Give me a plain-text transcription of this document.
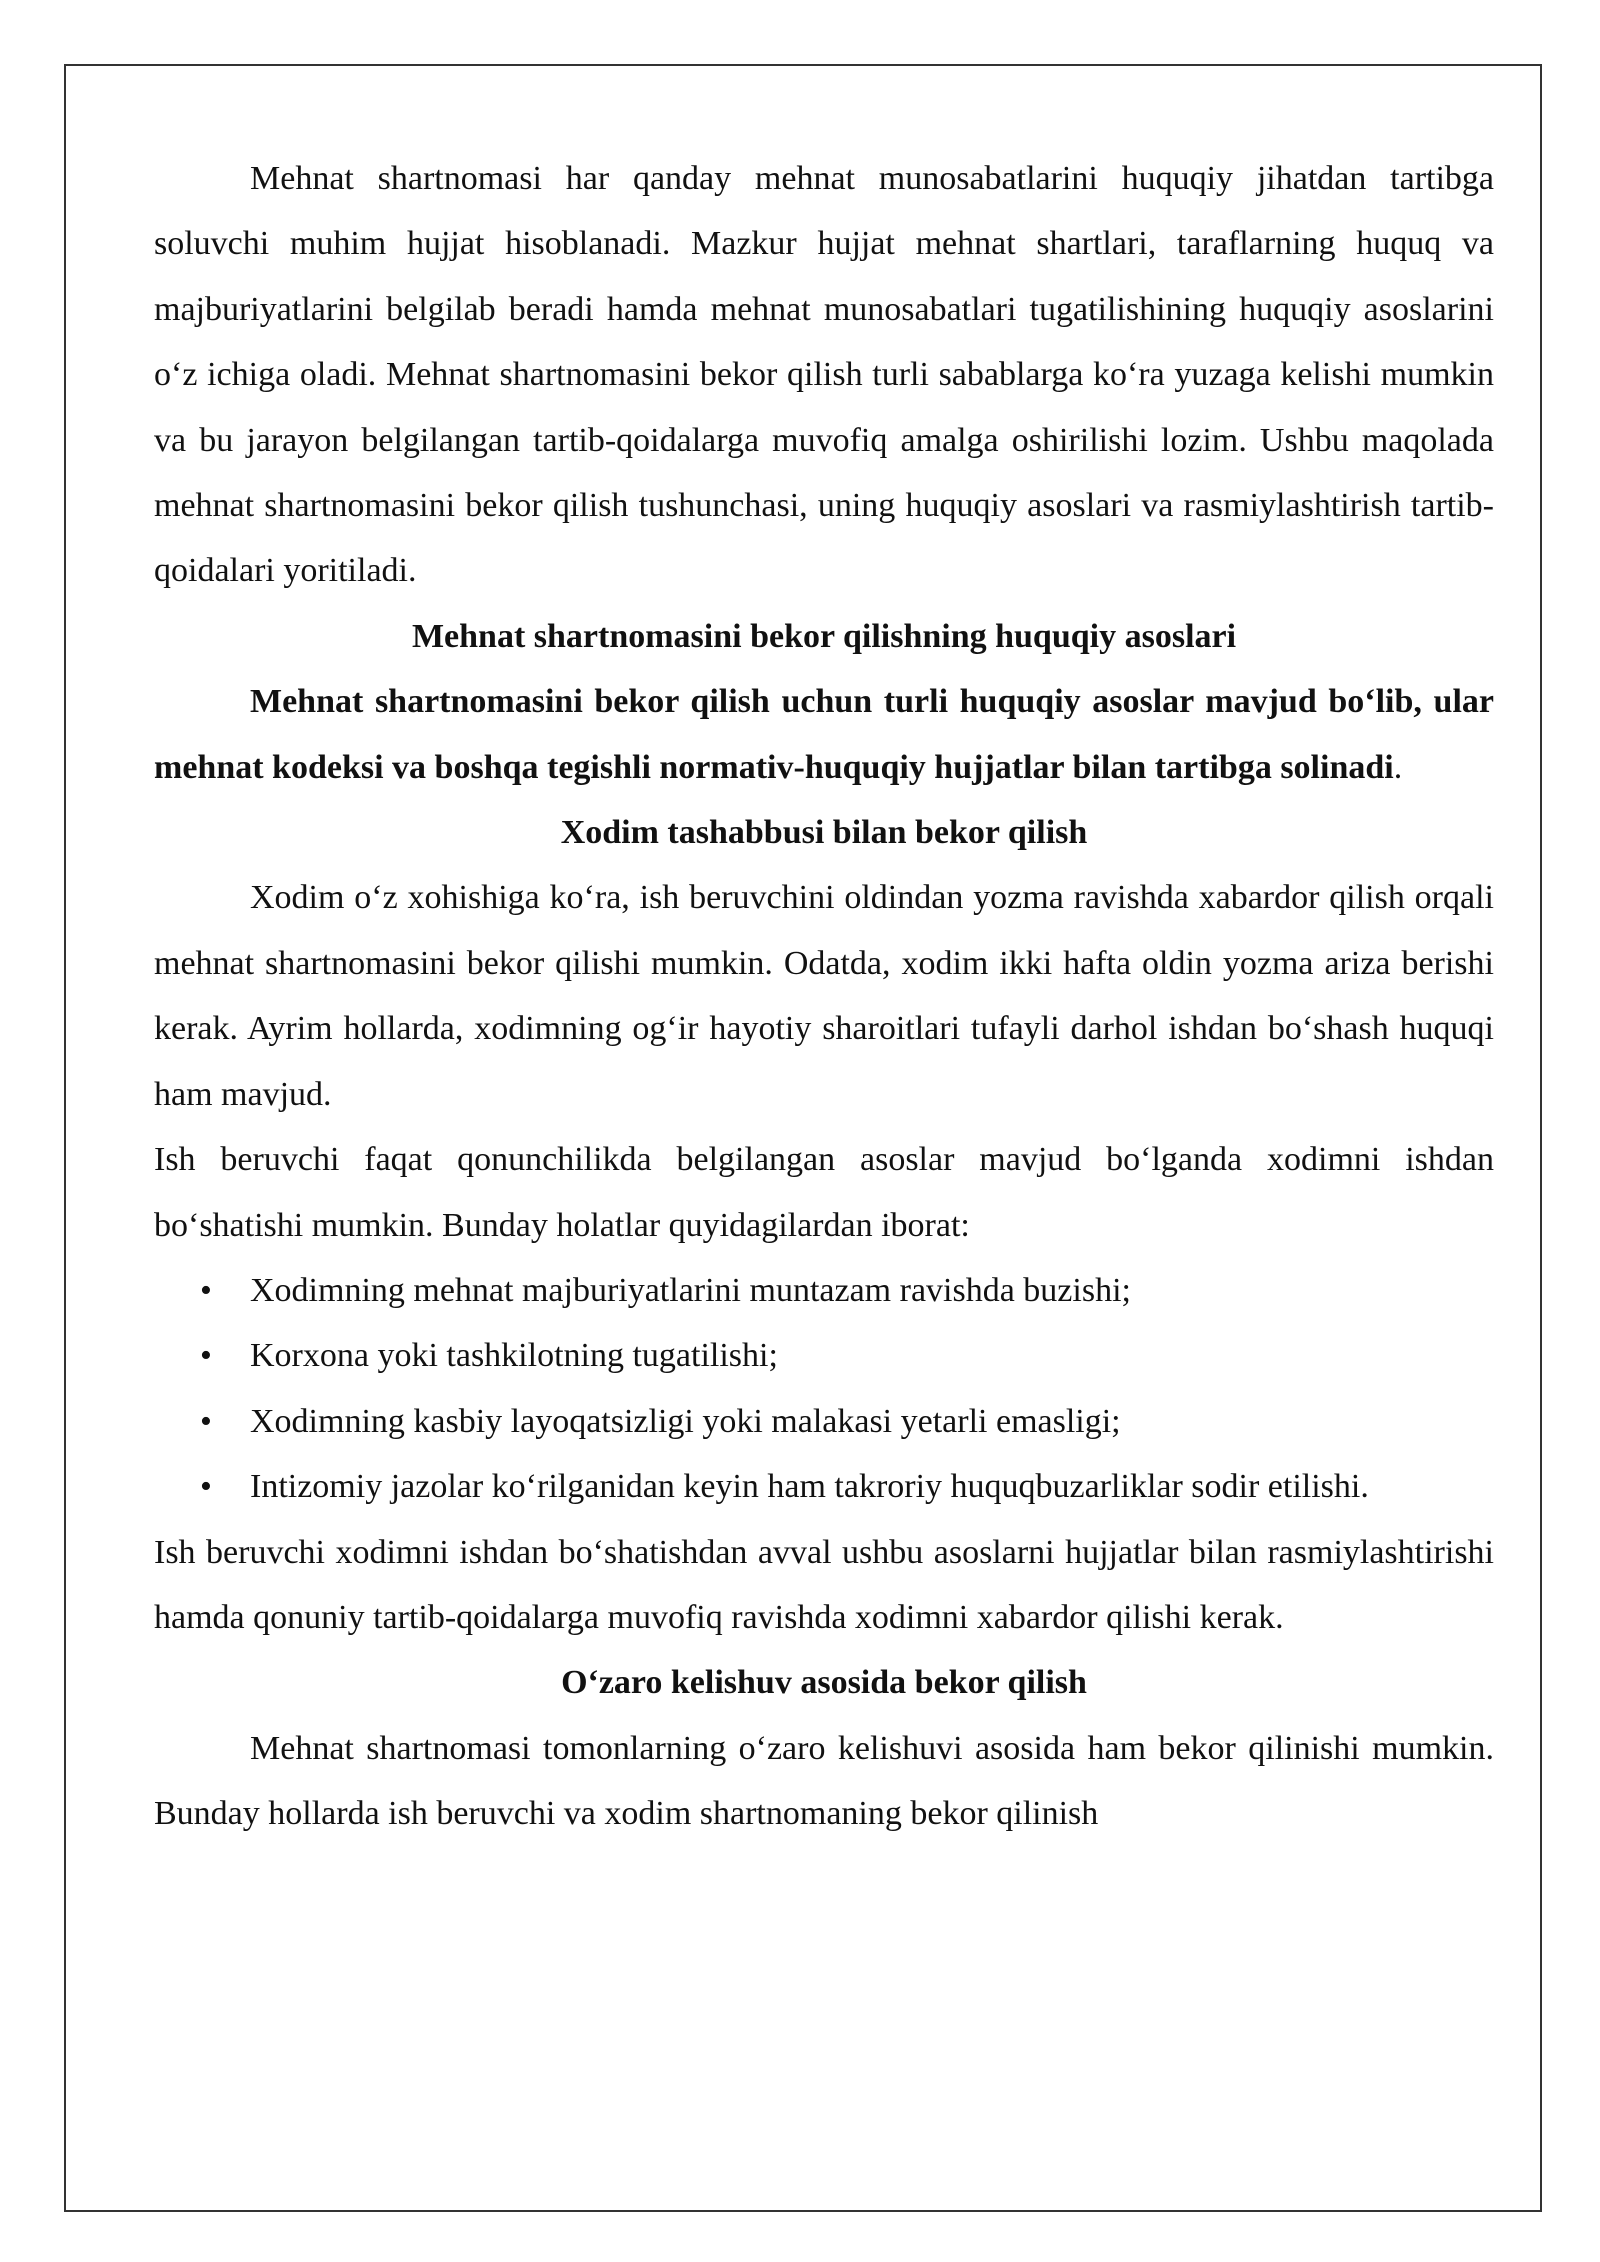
Mehnat shartnomasi har qanday mehnat munosabatlarini huquqiy jihatdan tartibga soluvchi muhim hujjat hisoblanadi. Mazkur hujjat mehnat shartlari, taraflarning huquq va majburiyatlarini belgilab beradi hamda mehnat munosabatlari tugatilishining huquqiy asoslarini o‘z ichiga oladi. Mehnat shartnomasini bekor qilish turli sabablarga ko‘ra yuzaga kelishi mumkin va bu jarayon belgilangan tartib-qoidalarga muvofiq amalga oshirilishi lozim. Ushbu maqolada mehnat shartnomasini bekor qilish tushunchasi, uning huquqiy asoslari va rasmiylashtirish tartib-qoidalari yoritiladi.

Mehnat shartnomasini bekor qilishning huquqiy asoslari

Mehnat shartnomasini bekor qilish uchun turli huquqiy asoslar mavjud bo‘lib, ular mehnat kodeksi va boshqa tegishli normativ-huquqiy hujjatlar bilan tartibga solinadi.

Xodim tashabbusi bilan bekor qilish

Xodim o‘z xohishiga ko‘ra, ish beruvchini oldindan yozma ravishda xabardor qilish orqali mehnat shartnomasini bekor qilishi mumkin. Odatda, xodim ikki hafta oldin yozma ariza berishi kerak. Ayrim hollarda, xodimning og‘ir hayotiy sharoitlari tufayli darhol ishdan bo‘shash huquqi ham mavjud.

Ish beruvchi faqat qonunchilikda belgilangan asoslar mavjud bo‘lganda xodimni ishdan bo‘shatishi mumkin. Bunday holatlar quyidagilardan iborat:

• Xodimning mehnat majburiyatlarini muntazam ravishda buzishi;
• Korxona yoki tashkilotning tugatilishi;
• Xodimning kasbiy layoqatsizligi yoki malakasi yetarli emasligi;
• Intizomiy jazolar ko‘rilganidan keyin ham takroriy huquqbuzarliklar sodir etilishi.

Ish beruvchi xodimni ishdan bo‘shatishdan avval ushbu asoslarni hujjatlar bilan rasmiylashtirishi hamda qonuniy tartib-qoidalarga muvofiq ravishda xodimni xabardor qilishi kerak.

O‘zaro kelishuv asosida bekor qilish

Mehnat shartnomasi tomonlarning o‘zaro kelishuvi asosida ham bekor qilinishi mumkin. Bunday hollarda ish beruvchi va xodim shartnomaning bekor qilinish
